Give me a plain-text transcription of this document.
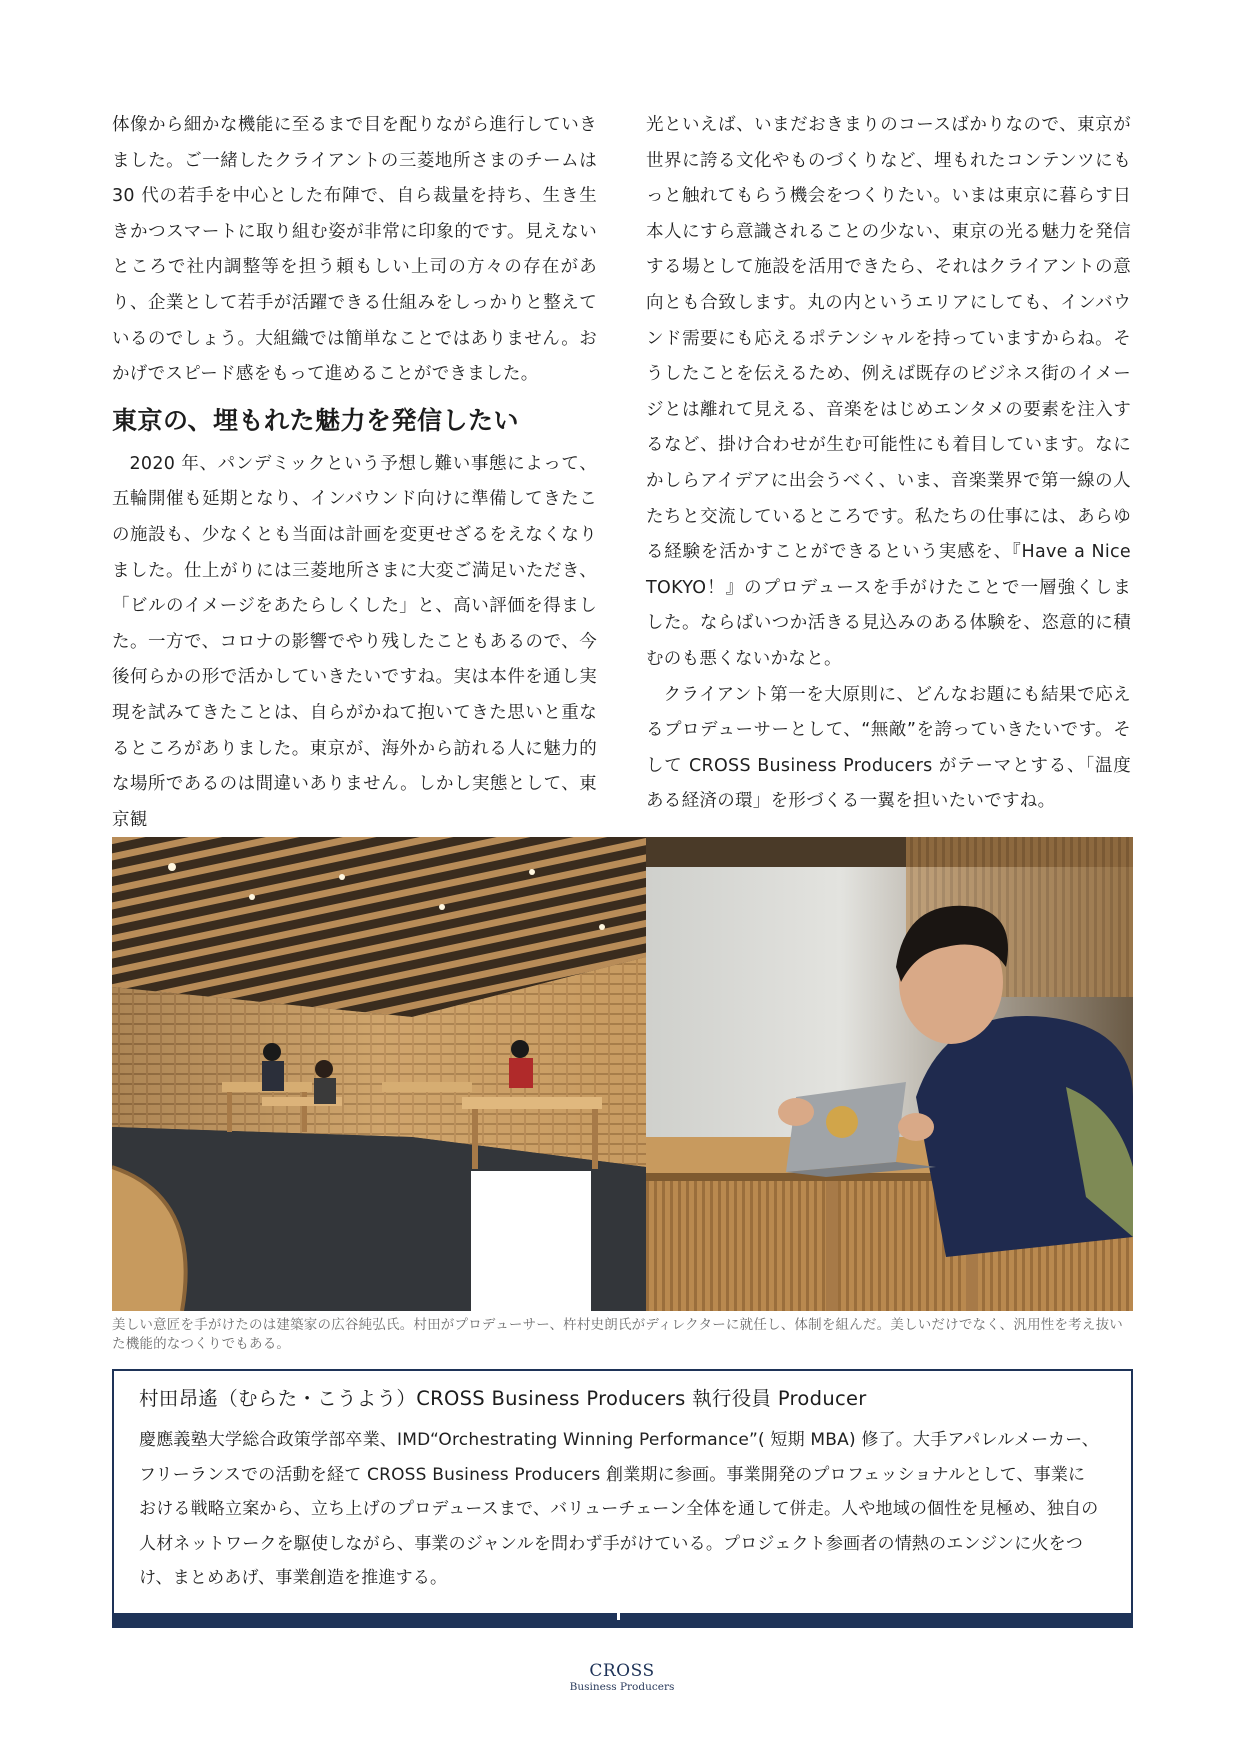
体像から細かな機能に至るまで目を配りながら進行していきました。ご一緒したクライアントの三菱地所さまのチームは 30 代の若手を中心とした布陣で、自ら裁量を持ち、生き生きかつスマートに取り組む姿が非常に印象的です。見えないところで社内調整等を担う頼もしい上司の方々の存在があり、企業として若手が活躍できる仕組みをしっかりと整えているのでしょう。大組織では簡単なことではありません。おかげでスピード感をもって進めることができました。

東京の、埋もれた魅力を発信したい

2020 年、パンデミックという予想し難い事態によって、五輪開催も延期となり、インバウンド向けに準備してきたこの施設も、少なくとも当面は計画を変更せざるをえなくなりました。仕上がりには三菱地所さまに大変ご満足いただき、「ビルのイメージをあたらしくした」と、高い評価を得ました。一方で、コロナの影響でやり残したこともあるので、今後何らかの形で活かしていきたいですね。実は本件を通し実現を試みてきたことは、自らがかねて抱いてきた思いと重なるところがありました。東京が、海外から訪れる人に魅力的な場所であるのは間違いありません。しかし実態として、東京観

光といえば、いまだおきまりのコースばかりなので、東京が世界に誇る文化やものづくりなど、埋もれたコンテンツにもっと触れてもらう機会をつくりたい。いまは東京に暮らす日本人にすら意識されることの少ない、東京の光る魅力を発信する場として施設を活用できたら、それはクライアントの意向とも合致します。丸の内というエリアにしても、インバウンド需要にも応えるポテンシャルを持っていますからね。そうしたことを伝えるため、例えば既存のビジネス街のイメージとは離れて見える、音楽をはじめエンタメの要素を注入するなど、掛け合わせが生む可能性にも着目しています。なにかしらアイデアに出会うべく、いま、音楽業界で第一線の人たちと交流しているところです。私たちの仕事には、あらゆる経験を活かすことができるという実感を、『Have a Nice TOKYO！』のプロデュースを手がけたことで一層強くしました。ならばいつか活きる見込みのある体験を、恣意的に積むのも悪くないかなと。

クライアント第一を大原則に、どんなお題にも結果で応えるプロデューサーとして、“無敵”を誇っていきたいです。そして CROSS Business Producers がテーマとする、「温度ある経済の環」を形づくる一翼を担いたいですね。

美しい意匠を手がけたのは建築家の広谷純弘氏。村田がプロデューサー、杵村史朗氏がディレクターに就任し、体制を組んだ。美しいだけでなく、汎用性を考え抜いた機能的なつくりでもある。
村田昂遙（むらた・こうよう）CROSS Business Producers 執行役員 Producer
慶應義塾大学総合政策学部卒業、IMD“Orchestrating Winning Performance”( 短期 MBA) 修了。大手アパレルメーカー、フリーランスでの活動を経て CROSS Business Producers 創業期に参画。事業開発のプロフェッショナルとして、事業における戦略立案から、立ち上げのプロデュースまで、バリューチェーン全体を通して併走。人や地域の個性を見極め、独自の人材ネットワークを駆使しながら、事業のジャンルを問わず手がけている。プロジェクト参画者の情熱のエンジンに火をつけ、まとめあげ、事業創造を推進する。
CROSS
Business Producers
